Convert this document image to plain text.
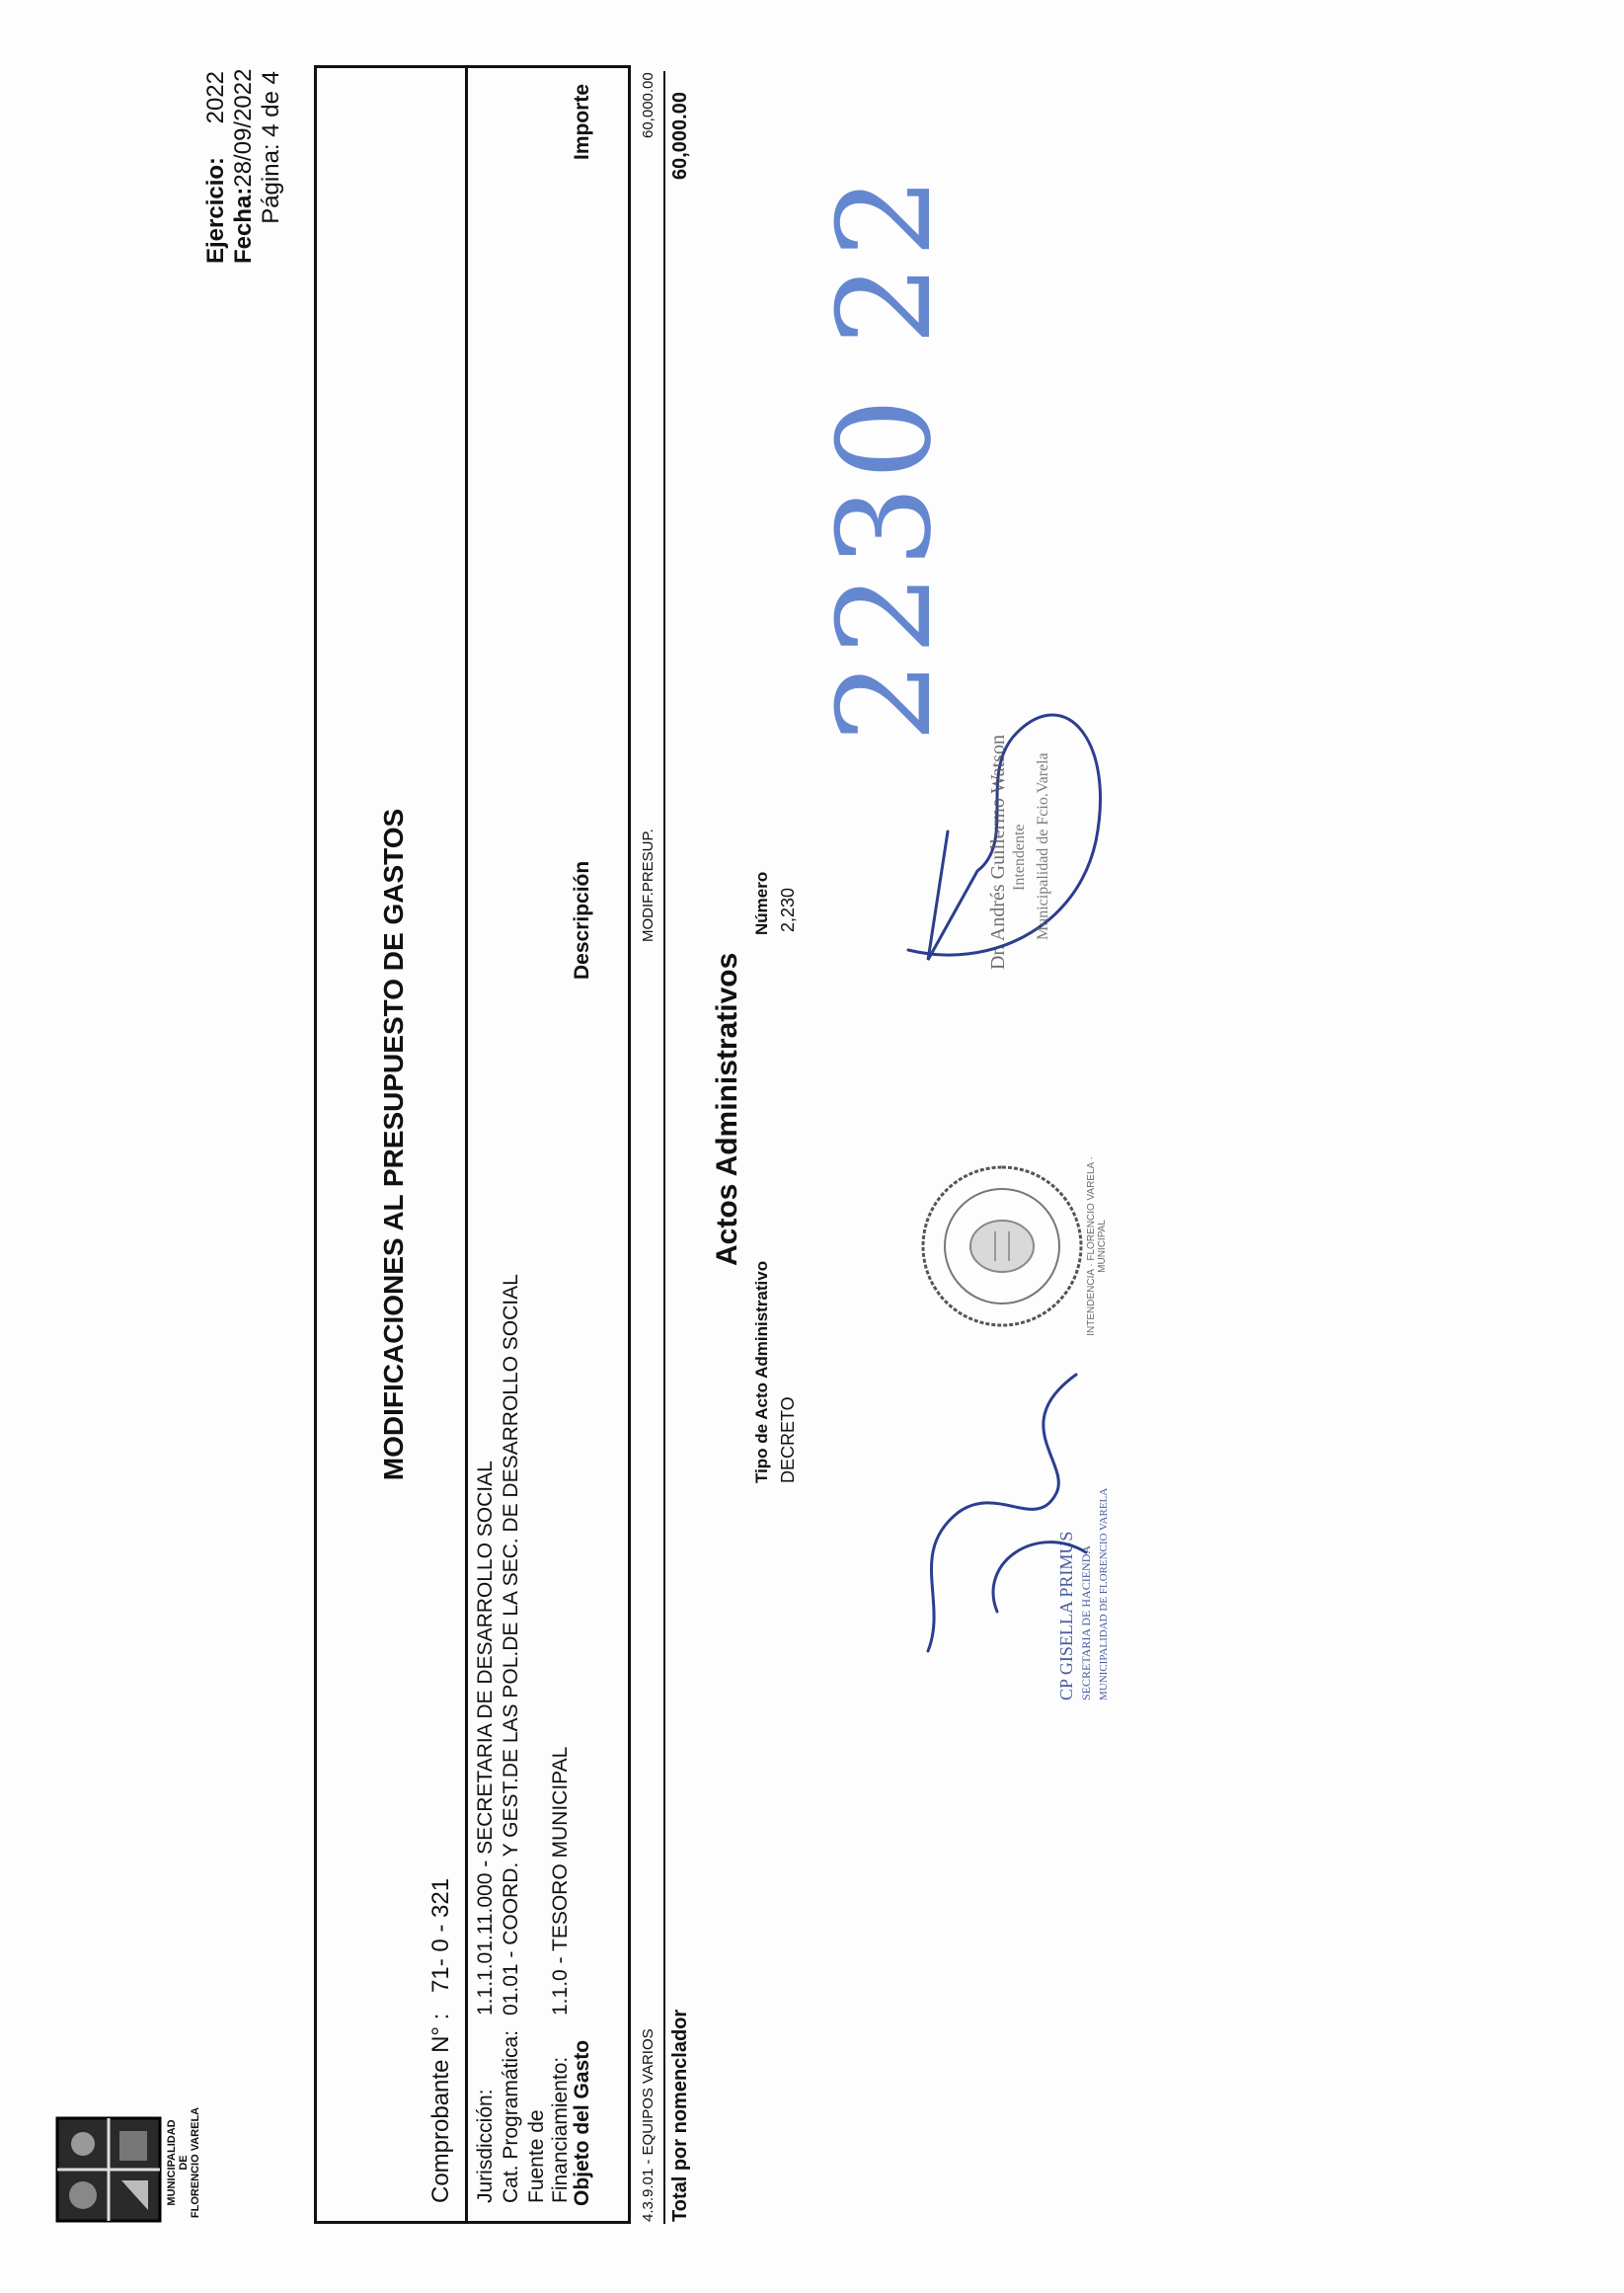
MUNICIPALIDAD DE FLORENCIO VARELA
Ejercicio:
2022
Fecha:
28/09/2022 Página: 4 de 4
MODIFICACIONES AL PRESUPUESTO DE GASTOS
Comprobante N° : 71- 0 - 321
Jurisdicción:1.1.1.01.11.000 - SECRETARIA DE DESARROLLO SOCIAL
Cat. Programática:01.01 - COORD. Y GEST.DE LAS POL.DE LA SEC. DE DESARROLLO SOCIAL
Fuente de Financiamiento:1.1.0 - TESORO MUNICIPAL
Objeto del Gasto
Descripción
Importe
4.3.9.01 - EQUIPOS VARIOS
MODIF.PRESUP.
60,000.00
Total por nomenclador
60,000.00
Actos Administrativos
Tipo de Acto Administrativo DECRETO
Número 2,230
2230 22
INTENDENCIA · FLORENCIO VARELA · MUNICIPAL
CP GISELLA PRIMUS SECRETARIA DE HACIENDA MUNICIPALIDAD DE FLORENCIO VARELA
Dr. Andrés Guillermo Watson Intendente Municipalidad de Fcio.Varela
